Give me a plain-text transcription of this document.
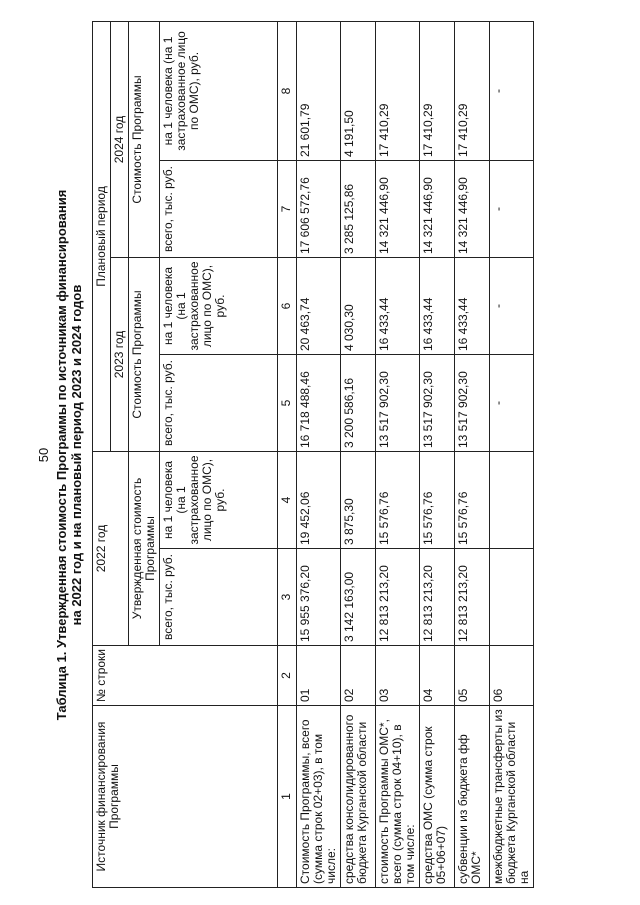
50 Таблица 1. Утвержденная стоимость Программы по источникам финансирования на 2022 год и на плановый период 2023 и 2024 годов
Источник финансирования Программы	№ строки	2022 год		Плановый период			
				2023 год		2024 год	
		Утвержденная стоимость Программы		Стоимость Программы		Стоимость Программы	
		всего, тыс. руб.	на 1 человека (на 1 застрахованное лицо по ОМС), руб.	всего, тыс. руб.	на 1 человека (на 1 застрахованное лицо по ОМС), руб.	всего, тыс. руб.	на 1 человека (на 1 застрахованное лицо по ОМС), руб.
1	2	3	4	5	6	7	8
Стоимость Программы, всего (сумма строк 02+03), в том числе:	01	15 955 376,20	19 452,06	16 718 488,46	20 463,74	17 606 572,76	21 601,79
средства консолидированного бюджета Курганской области	02	3 142 163,00	3 875,30	3 200 586,16	4 030,30	3 285 125,86	4 191,50
стоимость Программы ОМС*, всего (сумма строк 04+10), в том числе:	03	12 813 213,20	15 576,76	13 517 902,30	16 433,44	14 321 446,90	17 410,29
средства ОМС (сумма строк 05+06+07)	04	12 813 213,20	15 576,76	13 517 902,30	16 433,44	14 321 446,90	17 410,29
субвенции из бюджета фф ОМС*	05	12 813 213,20	15 576,76	13 517 902,30	16 433,44	14 321 446,90	17 410,29
межбюджетные трансферты из бюджета Курганской области на	06			-	-	-	-
